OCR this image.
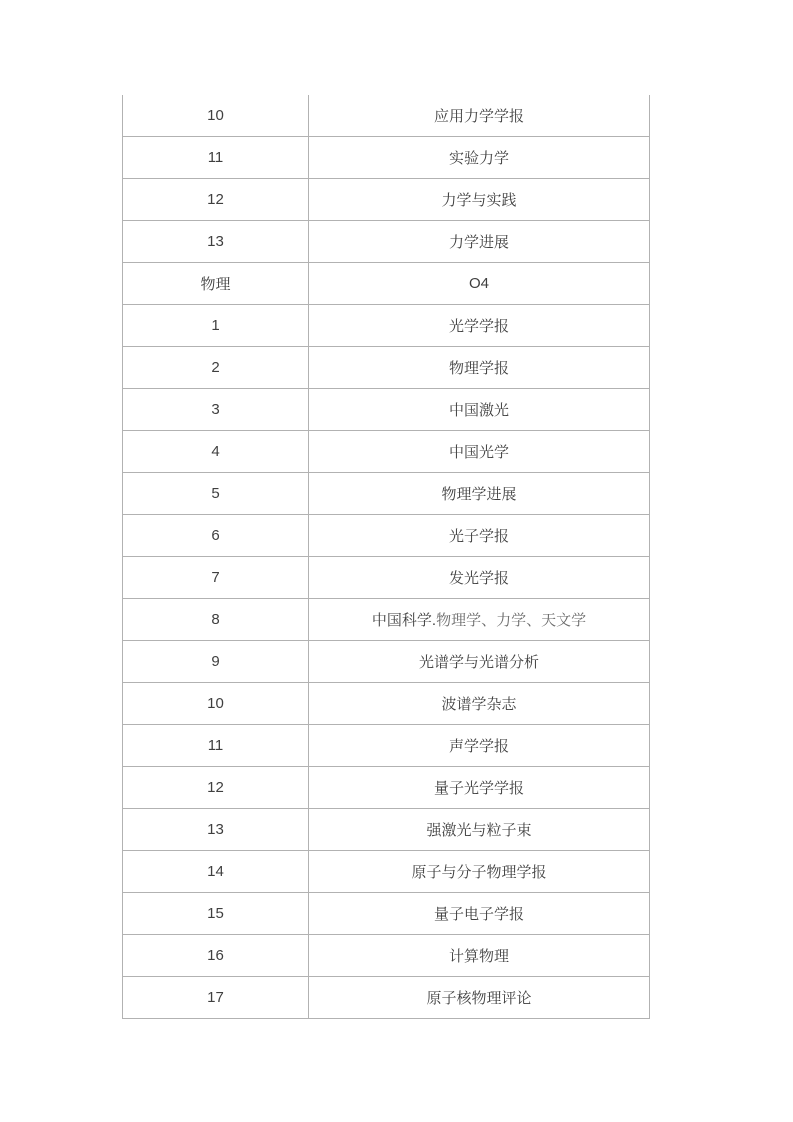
10	应用力学学报
11	实验力学
12	力学与实践
13	力学进展
物理	O4
1	光学学报
2	物理学报
3	中国激光
4	中国光学
5	物理学进展
6	光子学报
7	发光学报
8	中国科学.物理学、力学、天文学
9	光谱学与光谱分析
10	波谱学杂志
11	声学学报
12	量子光学学报
13	强激光与粒子束
14	原子与分子物理学报
15	量子电子学报
16	计算物理
17	原子核物理评论
